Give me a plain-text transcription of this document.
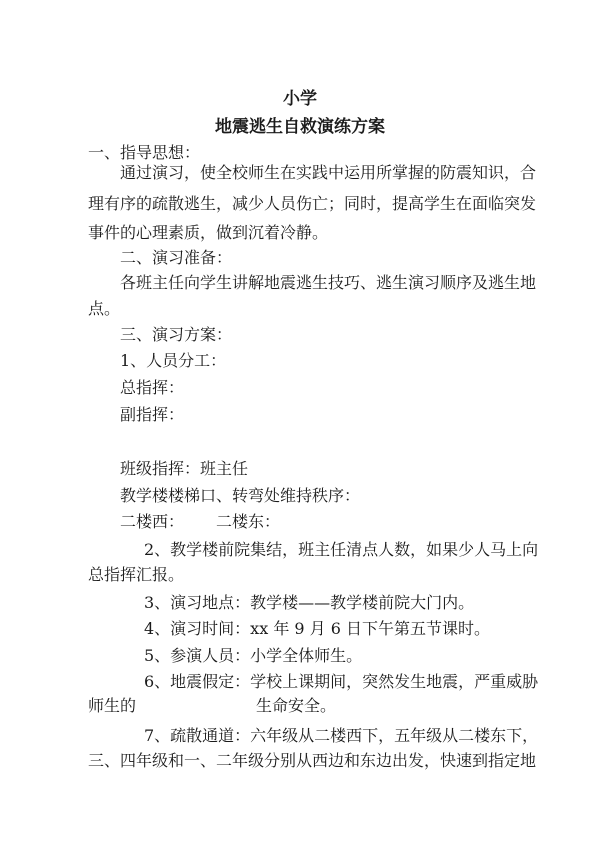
小学
地震逃生自救演练方案
一、指导思想：
通过演习，使全校师生在实践中运用所掌握的防震知识，合
理有序的疏散逃生，减少人员伤亡；同时，提高学生在面临突发
事件的心理素质，做到沉着冷静。
二、演习准备：
各班主任向学生讲解地震逃生技巧、逃生演习顺序及逃生地
点。
三、演习方案：
1、人员分工：
总指挥：
副指挥：
班级指挥：班主任
教学楼楼梯口、转弯处维持秩序：
二楼西： 二楼东：
2、教学楼前院集结，班主任清点人数，如果少人马上向
总指挥汇报。
3、演习地点：教学楼——教学楼前院大门内。
4、演习时间：xx 年 9 月 6 日下午第五节课时。
5、参演人员：小学全体师生。
6、地震假定：学校上课期间，突然发生地震，严重威胁
师生的	生命安全。
7、疏散通道：六年级从二楼西下，五年级从二楼东下，
三、四年级和一、二年级分别从西边和东边出发，快速到指定地
